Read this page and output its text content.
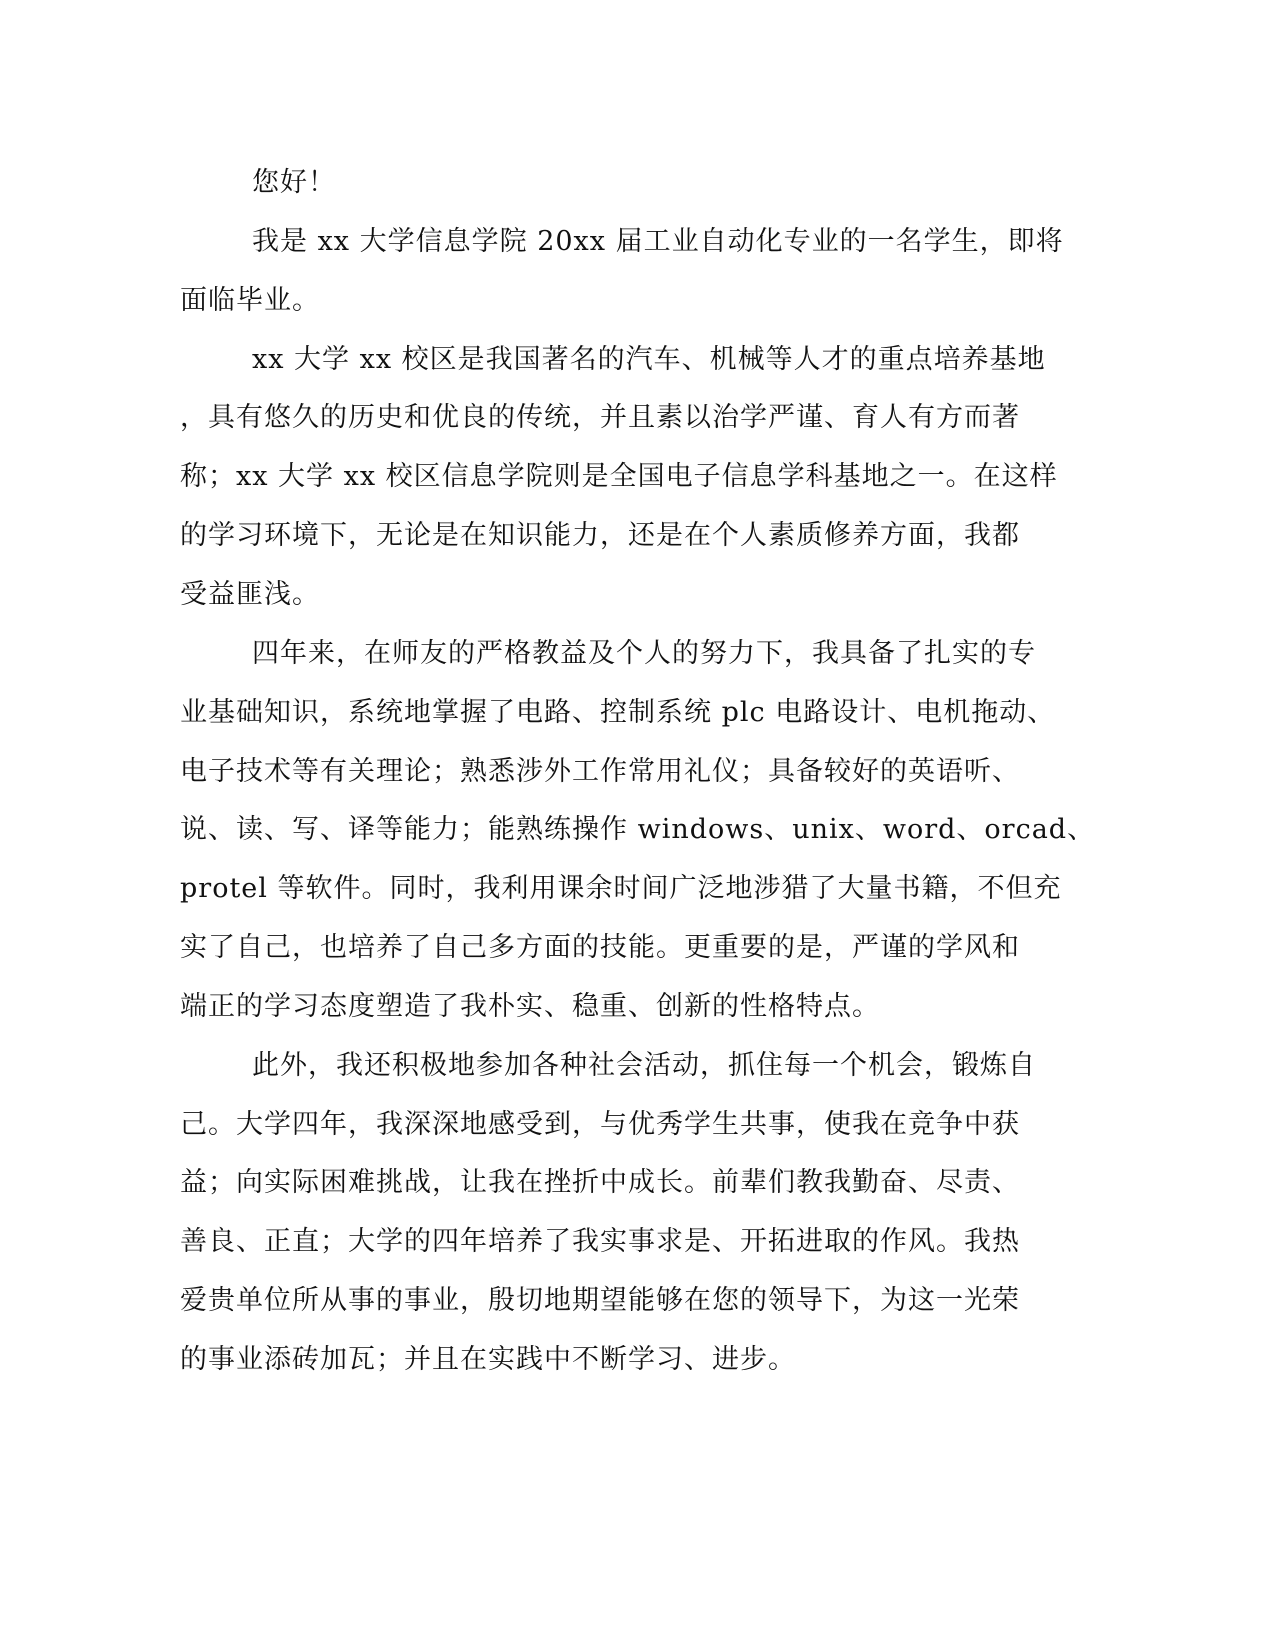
您好！
我是 xx 大学信息学院 20xx 届工业自动化专业的一名学生，即将
面临毕业。
xx 大学 xx 校区是我国著名的汽车、机械等人才的重点培养基地
，具有悠久的历史和优良的传统，并且素以治学严谨、育人有方而著
称；xx 大学 xx 校区信息学院则是全国电子信息学科基地之一。在这样
的学习环境下，无论是在知识能力，还是在个人素质修养方面，我都
受益匪浅。
四年来，在师友的严格教益及个人的努力下，我具备了扎实的专
业基础知识，系统地掌握了电路、控制系统 plc 电路设计、电机拖动、
电子技术等有关理论；熟悉涉外工作常用礼仪；具备较好的英语听、
说、读、写、译等能力；能熟练操作 windows、unix、word、orcad、
protel 等软件。同时，我利用课余时间广泛地涉猎了大量书籍，不但充
实了自己，也培养了自己多方面的技能。更重要的是，严谨的学风和
端正的学习态度塑造了我朴实、稳重、创新的性格特点。
此外，我还积极地参加各种社会活动，抓住每一个机会，锻炼自
己。大学四年，我深深地感受到，与优秀学生共事，使我在竞争中获
益；向实际困难挑战，让我在挫折中成长。前辈们教我勤奋、尽责、
善良、正直；大学的四年培养了我实事求是、开拓进取的作风。我热
爱贵单位所从事的事业，殷切地期望能够在您的领导下，为这一光荣
的事业添砖加瓦；并且在实践中不断学习、进步。
